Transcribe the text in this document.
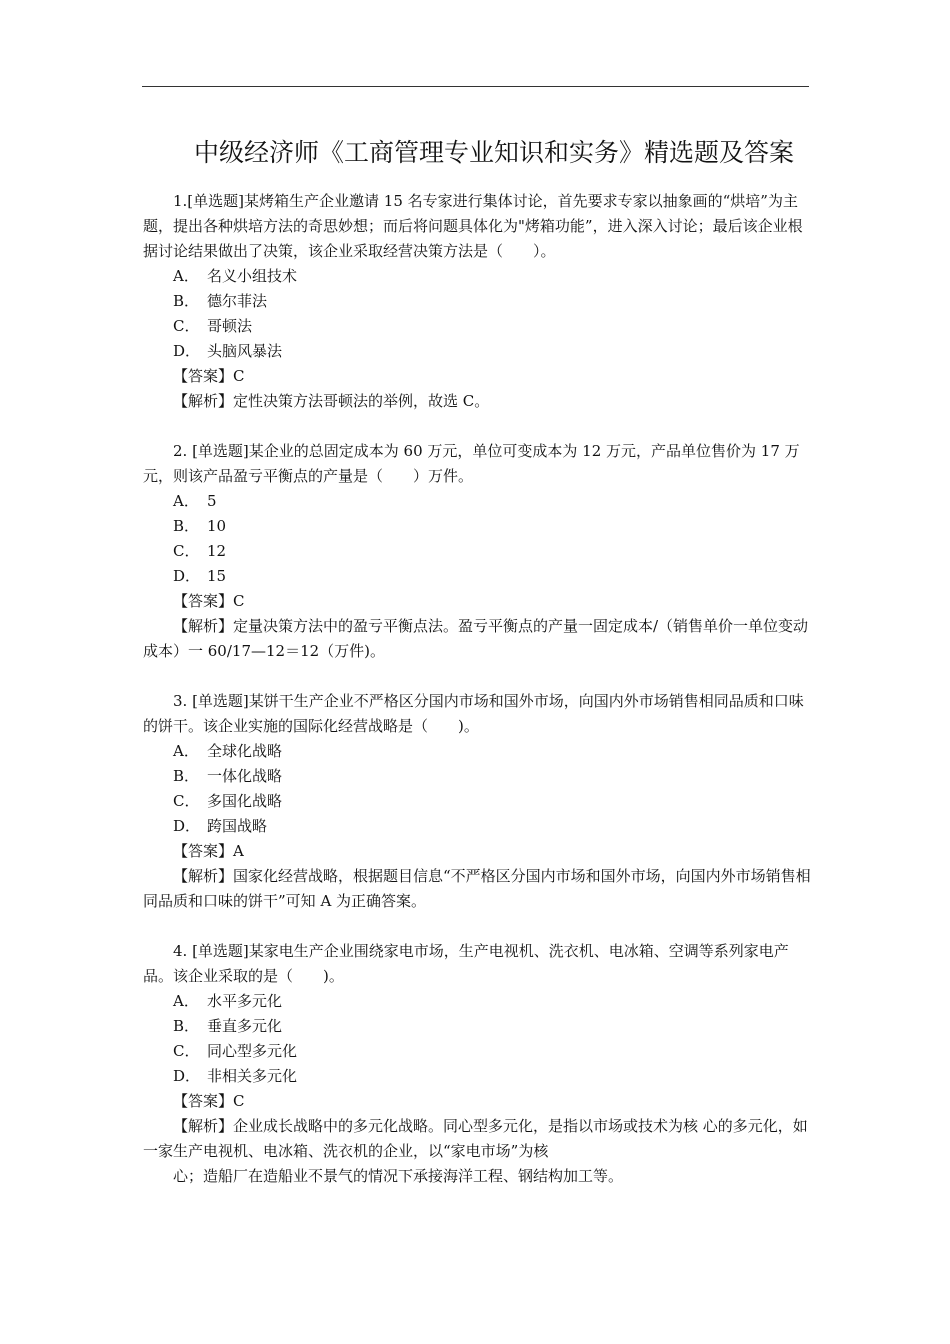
中级经济师《工商管理专业知识和实务》精选题及答案

1.[单选题]某烤箱生产企业邀请 15 名专家进行集体讨论，首先要求专家以抽象画的“烘培”为主题，提出各种烘培方法的奇思妙想；而后将问题具体化为"烤箱功能”，进入深入讨论；最后该企业根据讨论结果做出了决策，该企业采取经营决策方法是（　　）。

A． 名义小组技术

B． 德尔菲法

C． 哥顿法

D． 头脑风暴法

【答案】C

【解析】定性决策方法哥顿法的举例，故选 C。

2. [单选题]某企业的总固定成本为 60 万元，单位可变成本为 12 万元，产品单位售价为 17 万元，则该产品盈亏平衡点的产量是（　　）万件。

A． 5

B． 10

C． 12

D． 15

【答案】C

【解析】定量决策方法中的盈亏平衡点法。盈亏平衡点的产量一固定成本/（销售单价一单位变动成本）一 60/17—12＝12（万件)。

3. [单选题]某饼干生产企业不严格区分国内市场和国外市场，向国内外市场销售相同品质和口味的饼干。该企业实施的国际化经营战略是（　　)。

A． 全球化战略

B． 一体化战略

C． 多国化战略

D． 跨国战略

【答案】A

【解析】国家化经营战略，根据题目信息“不严格区分国内市场和国外市场，向国内外市场销售相同品质和口味的饼干”可知 A 为正确答案。

4. [单选题]某家电生产企业围绕家电市场，生产电视机、洗衣机、电冰箱、空调等系列家电产品。该企业采取的是（　　)。

A． 水平多元化

B． 垂直多元化

C． 同心型多元化

D． 非相关多元化

【答案】C

【解析】企业成长战略中的多元化战略。同心型多元化，是指以市场或技术为核 心的多元化，如一家生产电视机、电冰箱、洗衣机的企业，以“家电市场”为核

心；造船厂在造船业不景气的情况下承接海洋工程、钢结构加工等。
